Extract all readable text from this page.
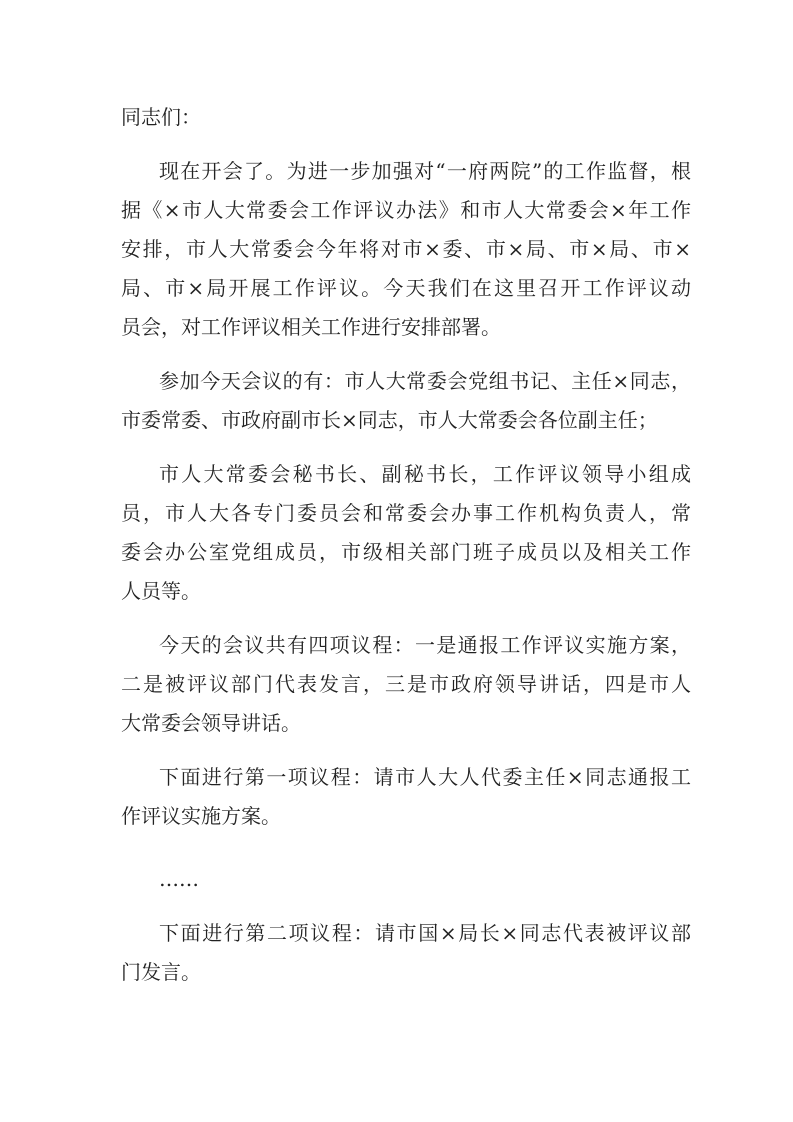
同志们：
现在开会了。为进一步加强对“一府两院”的工作监督，根
据《×市人大常委会工作评议办法》和市人大常委会×年工作
安排，市人大常委会今年将对市×委、市×局、市×局、市×
局、市×局开展工作评议。今天我们在这里召开工作评议动
员会，对工作评议相关工作进行安排部署。
参加今天会议的有：市人大常委会党组书记、主任×同志，
市委常委、市政府副市长×同志，市人大常委会各位副主任；
市人大常委会秘书长、副秘书长，工作评议领导小组成
员，市人大各专门委员会和常委会办事工作机构负责人，常
委会办公室党组成员，市级相关部门班子成员以及相关工作
人员等。
今天的会议共有四项议程：一是通报工作评议实施方案，
二是被评议部门代表发言，三是市政府领导讲话，四是市人
大常委会领导讲话。
下面进行第一项议程：请市人大人代委主任×同志通报工
作评议实施方案。
……
下面进行第二项议程：请市国×局长×同志代表被评议部
门发言。
